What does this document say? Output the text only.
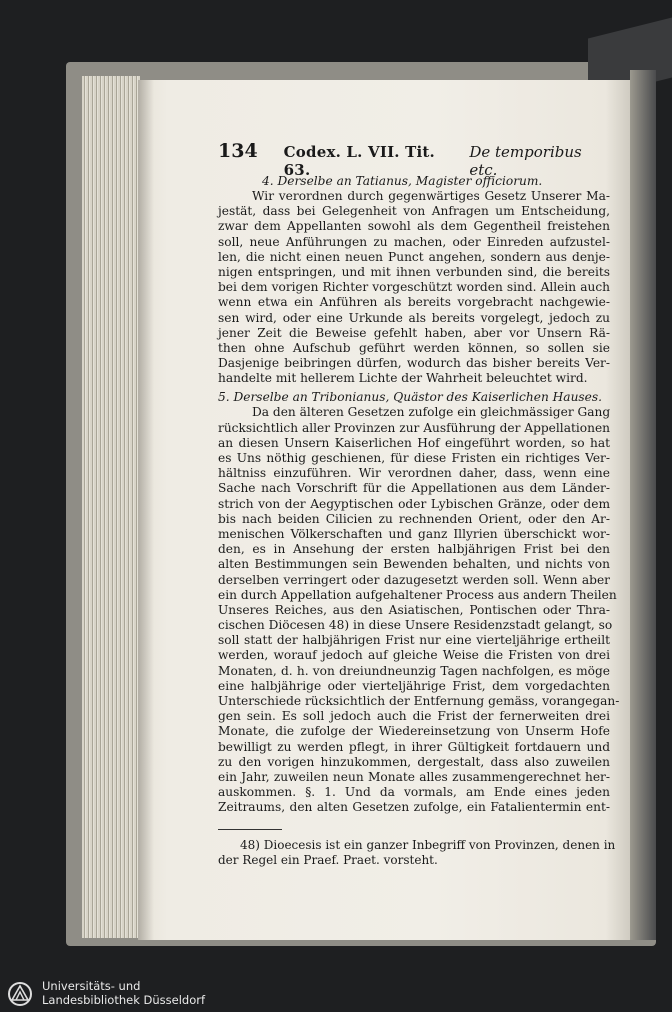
134 Codex. L. VII. Tit. 63.
De temporibus etc.

4. Derselbe an Tatianus, Magister officiorum.

Wir verordnen durch gegenwärtiges Gesetz Unserer Ma-
jestät, dass bei Gelegenheit von Anfragen um Entscheidung,
zwar dem Appellanten sowohl als dem Gegentheil freistehen
soll, neue Anführungen zu machen, oder Einreden aufzustel-
len, die nicht einen neuen Punct angehen, sondern aus denje-
nigen entspringen, und mit ihnen verbunden sind, die bereits
bei dem vorigen Richter vorgeschützt worden sind. Allein auch
wenn etwa ein Anführen als bereits vorgebracht nachgewie-
sen wird, oder eine Urkunde als bereits vorgelegt, jedoch zu
jener Zeit die Beweise gefehlt haben, aber vor Unsern Rä-
then ohne Aufschub geführt werden können, so sollen sie
Dasjenige beibringen dürfen, wodurch das bisher bereits Ver-
handelte mit hellerem Lichte der Wahrheit beleuchtet wird.

5. Derselbe an Tribonianus, Quästor des Kaiserlichen Hauses.

Da den älteren Gesetzen zufolge ein gleichmässiger Gang
rücksichtlich aller Provinzen zur Ausführung der Appellationen
an diesen Unsern Kaiserlichen Hof eingeführt worden, so hat
es Uns nöthig geschienen, für diese Fristen ein richtiges Ver-
hältniss einzuführen. Wir verordnen daher, dass, wenn eine
Sache nach Vorschrift für die Appellationen aus dem Länder-
strich von der Aegyptischen oder Lybischen Gränze, oder dem
bis nach beiden Cilicien zu rechnenden Orient, oder den Ar-
menischen Völkerschaften und ganz Illyrien überschickt wor-
den, es in Ansehung der ersten halbjährigen Frist bei den
alten Bestimmungen sein Bewenden behalten, und nichts von
derselben verringert oder dazugesetzt werden soll. Wenn aber
ein durch Appellation aufgehaltener Process aus andern Theilen
Unseres Reiches, aus den Asiatischen, Pontischen oder Thra-
cischen Diöcesen 48) in diese Unsere Residenzstadt gelangt, so
soll statt der halbjährigen Frist nur eine vierteljährige ertheilt
werden, worauf jedoch auf gleiche Weise die Fristen von drei
Monaten, d. h. von dreiundneunzig Tagen nachfolgen, es möge
eine halbjährige oder vierteljährige Frist, dem vorgedachten
Unterschiede rücksichtlich der Entfernung gemäss, vorangegan-
gen sein. Es soll jedoch auch die Frist der fernerweiten drei
Monate, die zufolge der Wiedereinsetzung von Unserm Hofe
bewilligt zu werden pflegt, in ihrer Gültigkeit fortdauern und
zu den vorigen hinzukommen, dergestalt, dass also zuweilen
ein Jahr, zuweilen neun Monate alles zusammengerechnet her-
auskommen. §. 1. Und da vormals, am Ende eines jeden
Zeitraums, den alten Gesetzen zufolge, ein Fatalientermin ent-
48) Dioecesis ist ein ganzer Inbegriff von Provinzen, denen in
der Regel ein Praef. Praet. vorsteht.
Universitäts- und
Landesbibliothek Düsseldorf
